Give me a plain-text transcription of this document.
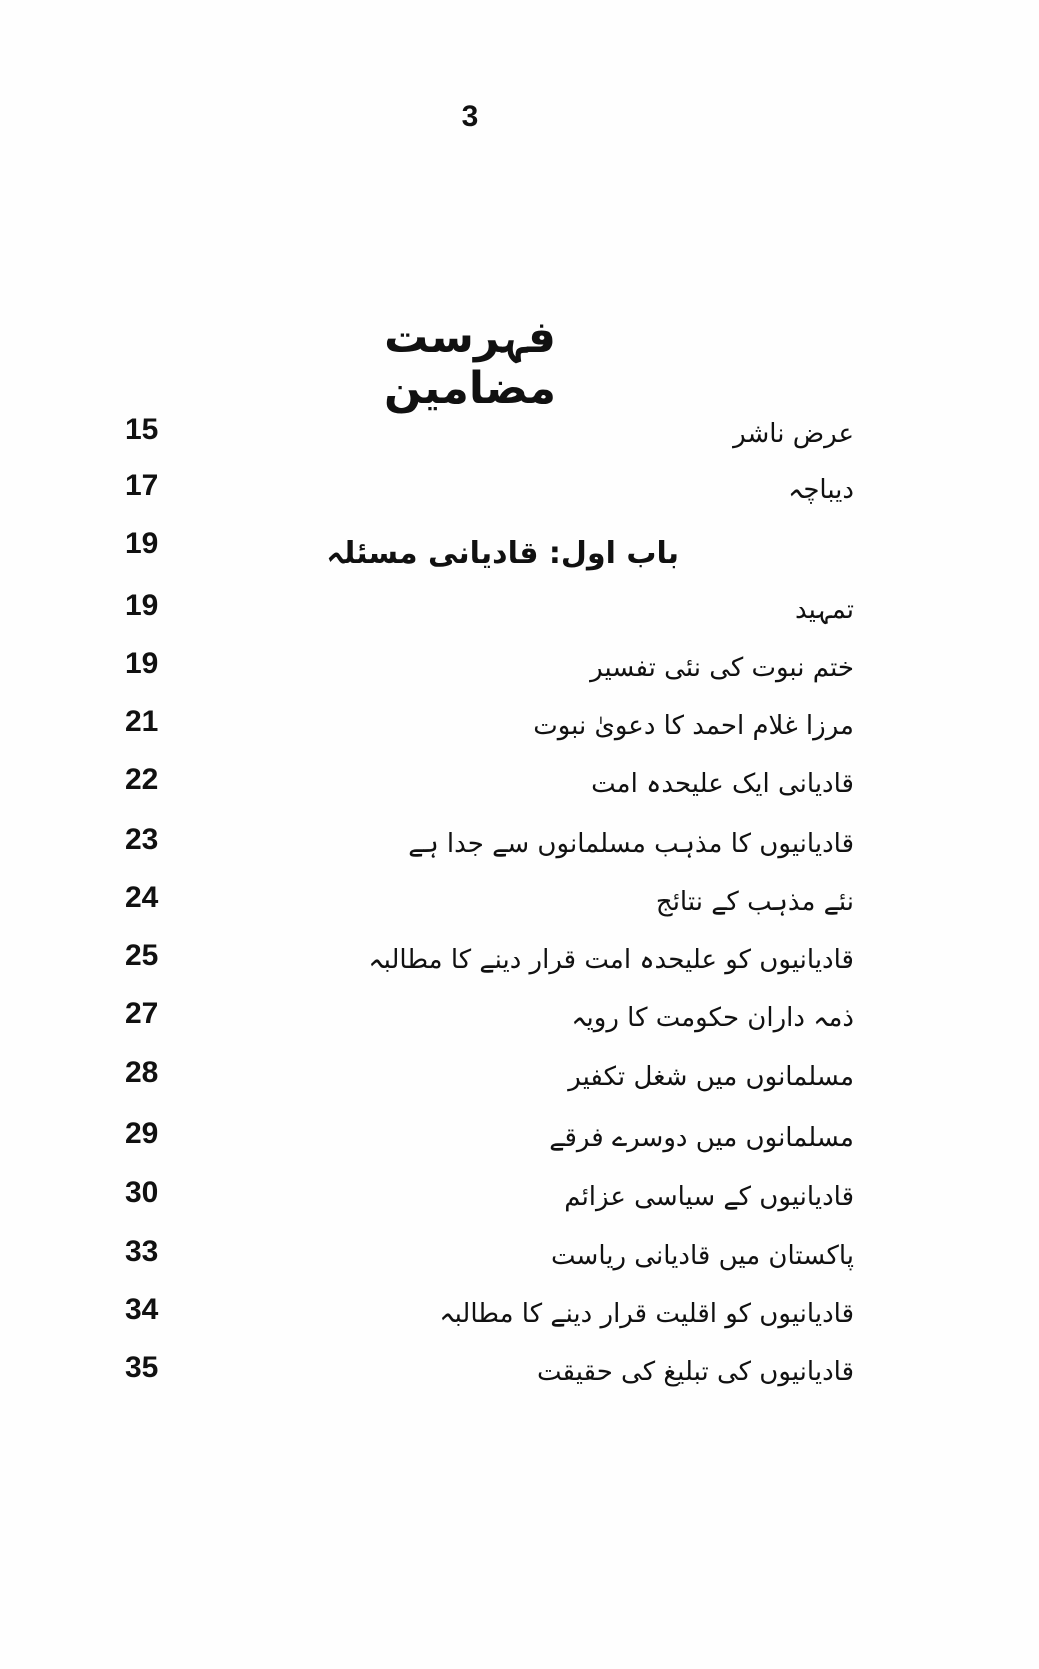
3
فہرست مضامین
15	عرض ناشر
17	دیباچہ
19	باب اول: قادیانی مسئلہ
19	تمہید
19	ختم نبوت کی نئی تفسیر
21	مرزا غلام احمد کا دعویٰ نبوت
22	قادیانی ایک علیحدہ امت
23	قادیانیوں کا مذہب مسلمانوں سے جدا ہے
24	نئے مذہب کے نتائج
25	قادیانیوں کو علیحدہ امت قرار دینے کا مطالبہ
27	ذمہ داران حکومت کا رویہ
28	مسلمانوں میں شغل تکفیر
29	مسلمانوں میں دوسرے فرقے
30	قادیانیوں کے سیاسی عزائم
33	پاکستان میں قادیانی ریاست
34	قادیانیوں کو اقلیت قرار دینے کا مطالبہ
35	قادیانیوں کی تبلیغ کی حقیقت
